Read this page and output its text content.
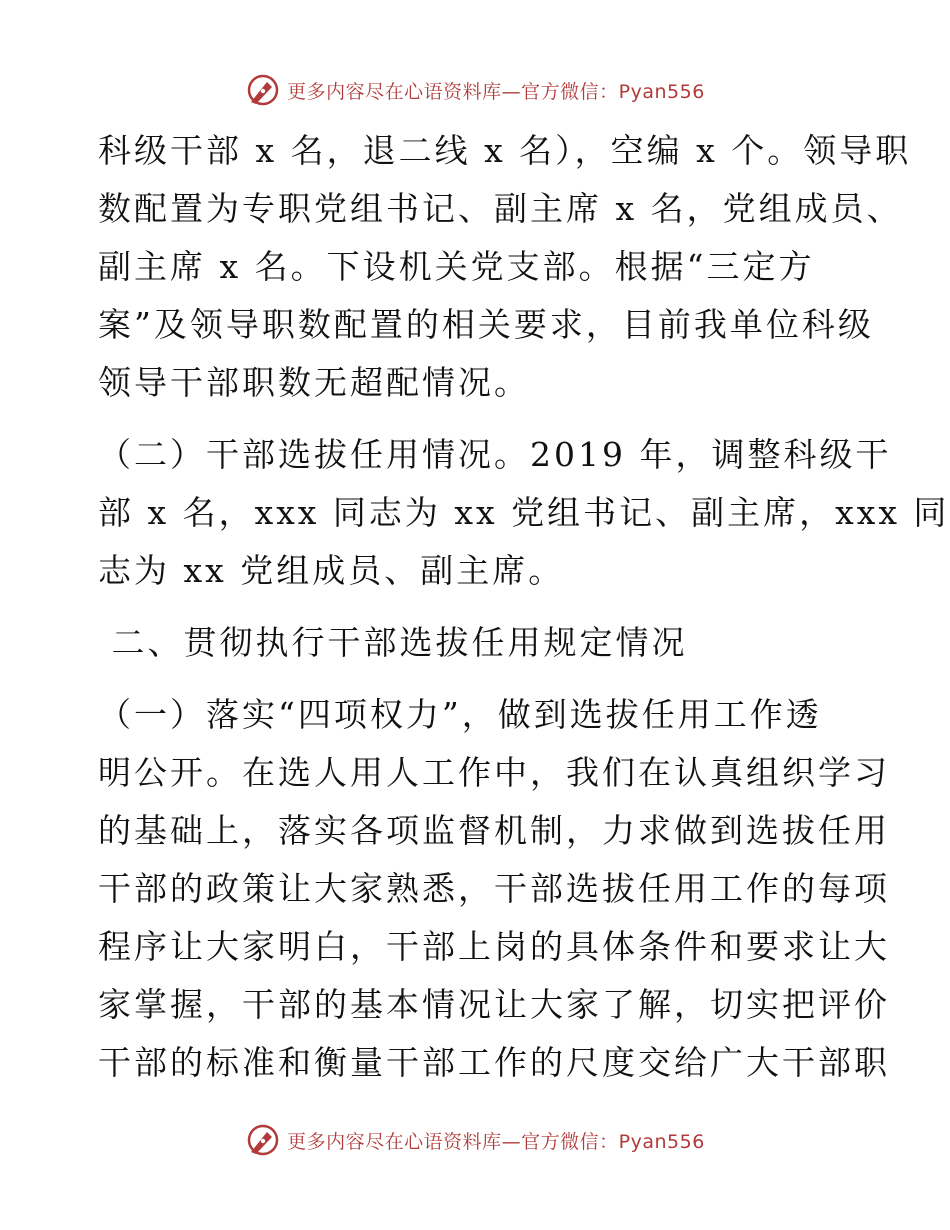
更多内容尽在心语资料库—官方微信：Pyan556

科级干部 x 名，退二线 x 名），空编 x 个。领导职
数配置为专职党组书记、副主席 x 名，党组成员、
副主席 x 名。下设机关党支部。根据“三定方
案”及领导职数配置的相关要求，目前我单位科级
领导干部职数无超配情况。

（二）干部选拔任用情况。2019 年，调整科级干
部 x 名，xxx 同志为 xx 党组书记、副主席，xxx 同
志为 xx 党组成员、副主席。

二、贯彻执行干部选拔任用规定情况

（一）落实“四项权力”，做到选拔任用工作透
明公开。在选人用人工作中，我们在认真组织学习
的基础上，落实各项监督机制，力求做到选拔任用
干部的政策让大家熟悉，干部选拔任用工作的每项
程序让大家明白，干部上岗的具体条件和要求让大
家掌握，干部的基本情况让大家了解，切实把评价
干部的标准和衡量干部工作的尺度交给广大干部职

更多内容尽在心语资料库—官方微信：Pyan556
